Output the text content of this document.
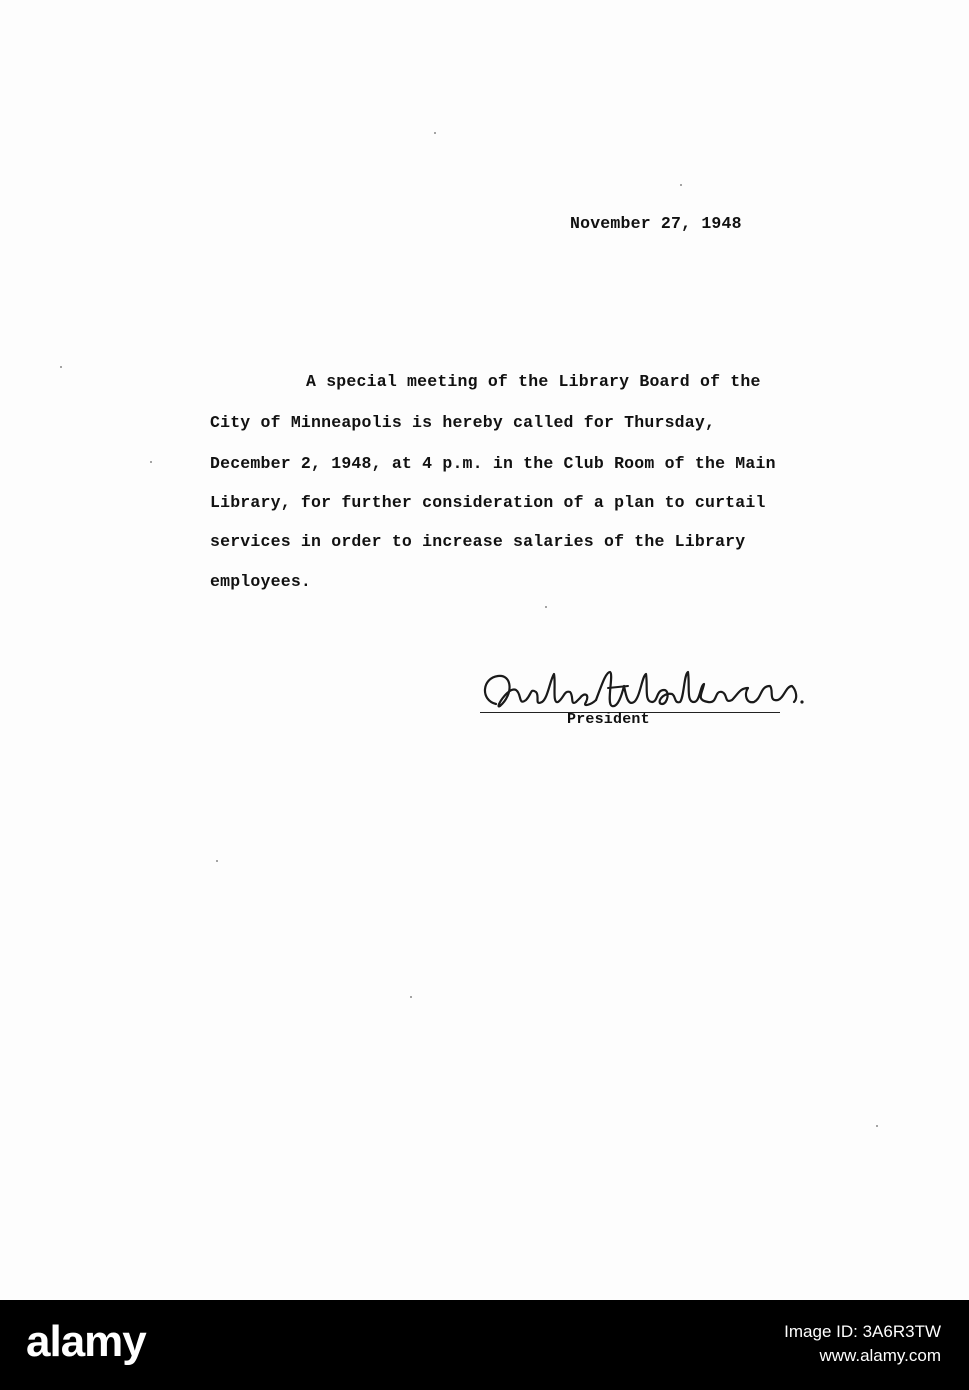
November 27, 1948
A special meeting of the Library Board of the
City of Minneapolis is hereby called for Thursday,
December 2, 1948, at 4 p.m. in the Club Room of the Main
Library, for further consideration of a plan to curtail
services in order to increase salaries of the Library
employees.
President
alamy	Image ID: 3A6R3TW
www.alamy.com
